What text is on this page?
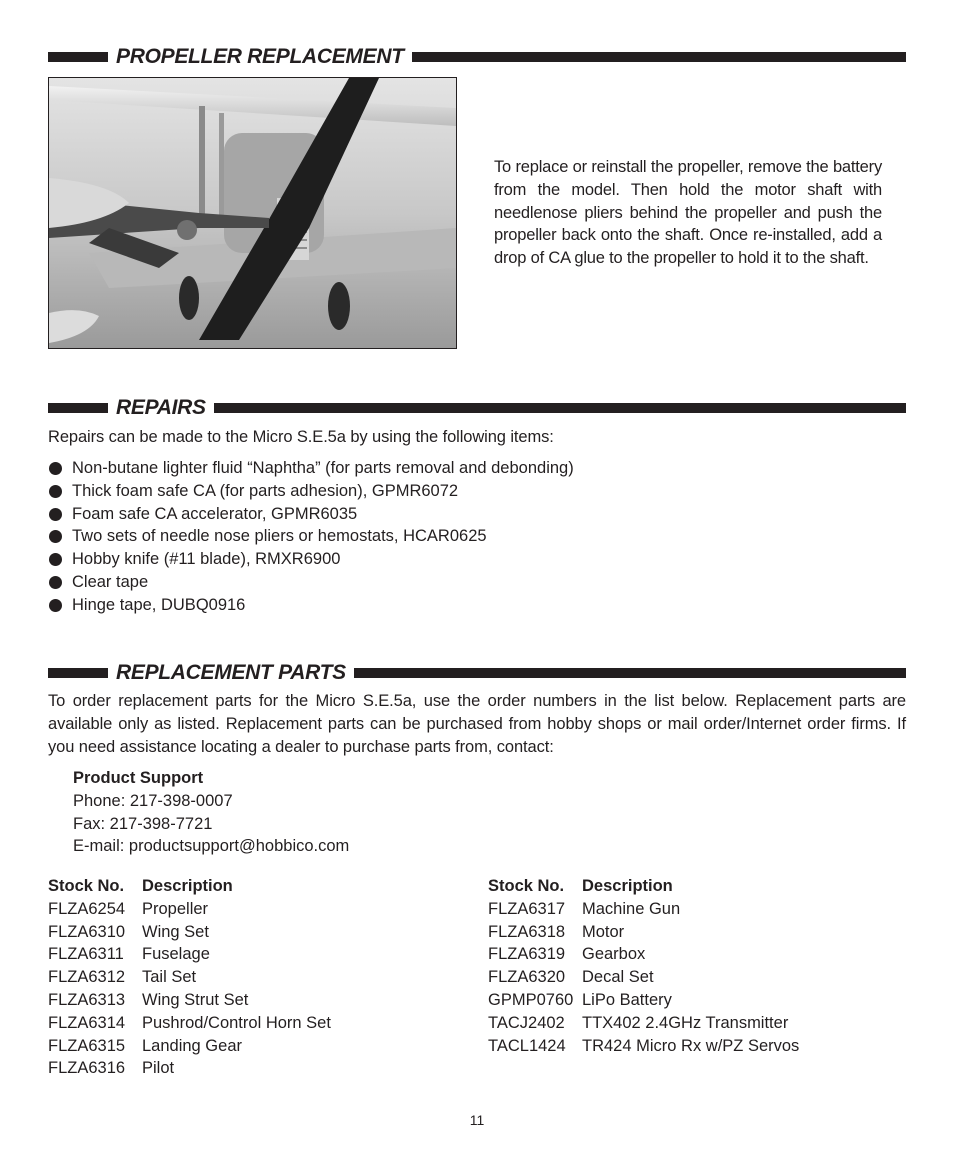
PROPELLER REPLACEMENT
To replace or reinstall the propeller, remove the battery from the model. Then hold the motor shaft with needlenose pliers behind the propeller and push the propeller back onto the shaft. Once re-installed, add a drop of CA glue to the propeller to hold it to the shaft.
REPAIRS
Repairs can be made to the Micro S.E.5a by using the following items:
Non-butane lighter fluid “Naphtha” (for parts removal and debonding)
Thick foam safe CA (for parts adhesion), GPMR6072
Foam safe CA accelerator, GPMR6035
Two sets of needle nose pliers or hemostats, HCAR0625
Hobby knife (#11 blade), RMXR6900
Clear tape
Hinge tape, DUBQ0916
REPLACEMENT PARTS
To order replacement parts for the Micro S.E.5a, use the order numbers in the list below. Replacement parts are available only as listed. Replacement parts can be purchased from hobby shops or mail order/Internet order firms. If you need assistance locating a dealer to purchase parts from, contact:
Product Support
Phone: 217-398-0007
Fax: 217-398-7721
E-mail: productsupport@hobbico.com
Stock No.	Description
FLZA6254	Propeller
FLZA6310	Wing Set
FLZA6311	Fuselage
FLZA6312	Tail Set
FLZA6313	Wing Strut Set
FLZA6314	Pushrod/Control Horn Set
FLZA6315	Landing Gear
FLZA6316	Pilot
Stock No.	Description
FLZA6317	Machine Gun
FLZA6318	Motor
FLZA6319	Gearbox
FLZA6320	Decal Set
GPMP0760 LiPo Battery
TACJ2402	TTX402 2.4GHz Transmitter
TACL1424 TR424 Micro Rx w/PZ Servos
11
